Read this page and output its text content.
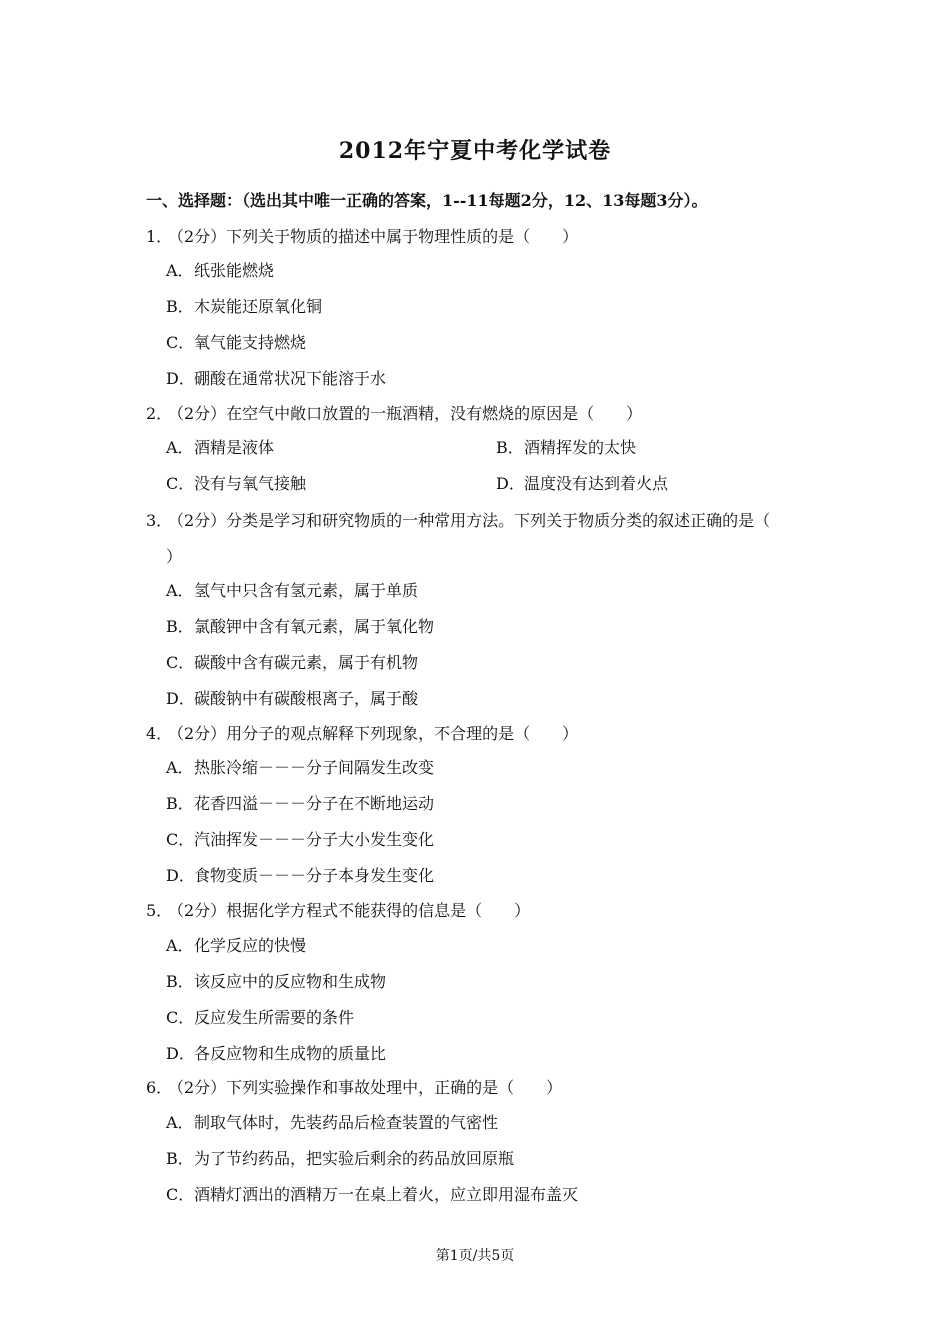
2012年宁夏中考化学试卷
一、选择题：（选出其中唯一正确的答案，1--11每题2分，12、13每题3分）。
1．（2分）下列关于物质的描述中属于物理性质的是（　　）
A．纸张能燃烧
B．木炭能还原氧化铜
C．氧气能支持燃烧
D．硼酸在通常状况下能溶于水
2．（2分）在空气中敞口放置的一瓶酒精，没有燃烧的原因是（　　）
A．酒精是液体	B．酒精挥发的太快
C．没有与氧气接触	D．温度没有达到着火点
3．（2分）分类是学习和研究物质的一种常用方法。下列关于物质分类的叙述正确的是（
）
A．氢气中只含有氢元素，属于单质
B．氯酸钾中含有氧元素，属于氧化物
C．碳酸中含有碳元素，属于有机物
D．碳酸钠中有碳酸根离子，属于酸
4．（2分）用分子的观点解释下列现象，不合理的是（　　）
A．热胀冷缩－－－分子间隔发生改变
B．花香四溢－－－分子在不断地运动
C．汽油挥发－－－分子大小发生变化
D．食物变质－－－分子本身发生变化
5．（2分）根据化学方程式不能获得的信息是（　　）
A．化学反应的快慢
B．该反应中的反应物和生成物
C．反应发生所需要的条件
D．各反应物和生成物的质量比
6．（2分）下列实验操作和事故处理中，正确的是（　　）
A．制取气体时，先装药品后检查装置的气密性
B．为了节约药品，把实验后剩余的药品放回原瓶
C．酒精灯洒出的酒精万一在桌上着火，应立即用湿布盖灭
第1页/共5页
